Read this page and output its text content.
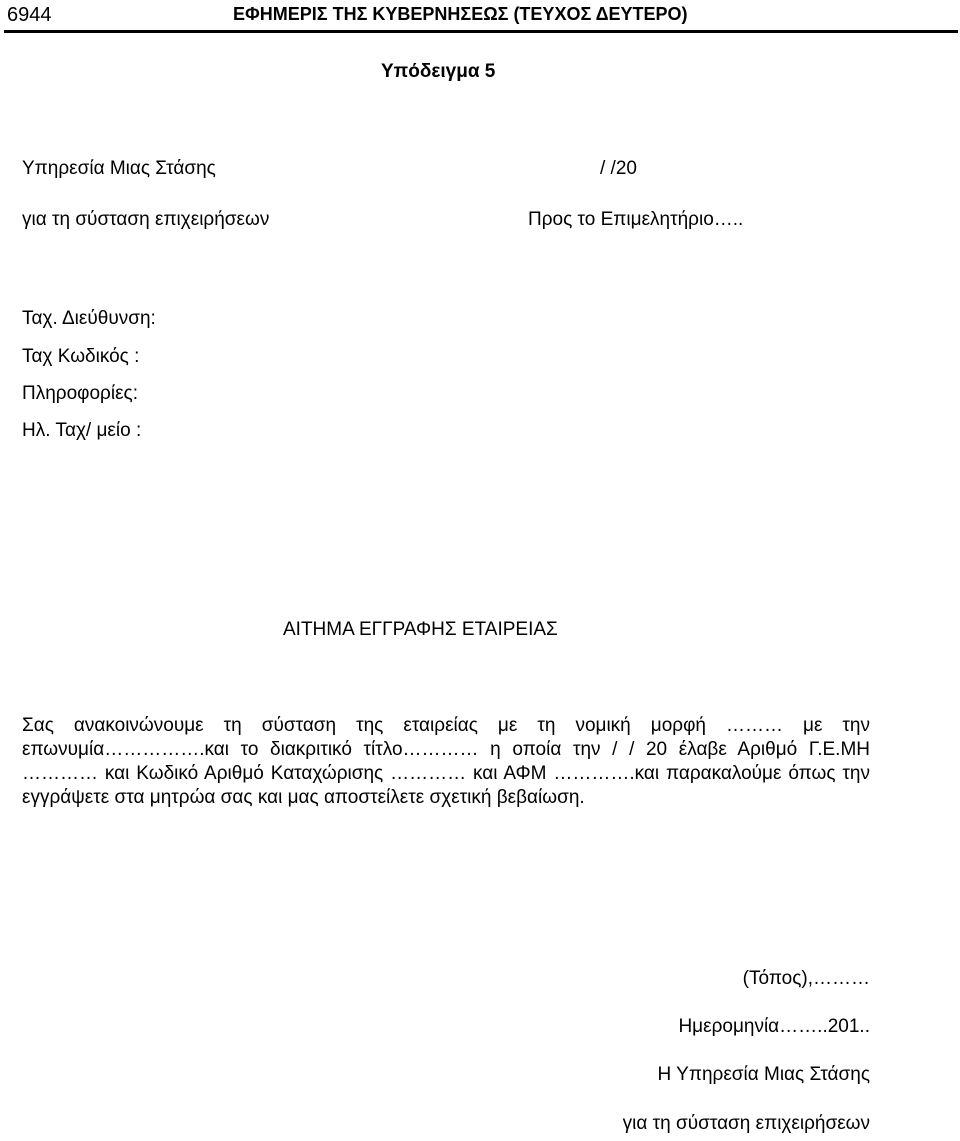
6944	ΕΦΗΜΕΡΙΣ ΤΗΣ ΚΥΒΕΡΝΗΣΕΩΣ (ΤΕΥΧΟΣ ΔΕΥΤΕΡΟ)
Υπόδειγμα 5
Υπηρεσία Μιας Στάσης	/ /20
για τη σύσταση επιχειρήσεων	Προς το Επιμελητήριο…..
Ταχ. Διεύθυνση:
Ταχ Κωδικός :
Πληροφορίες:
Ηλ. Ταχ/ μείο :
ΑΙΤΗΜΑ ΕΓΓΡΑΦΗΣ ΕΤΑΙΡΕΙΑΣ
Σας ανακοινώνουμε τη σύσταση της εταιρείας με τη νομική μορφή ……… με την επωνυμία…………….και το διακριτικό τίτλο………… η οποία την / / 20 έλαβε Αριθμό Γ.Ε.ΜΗ ………… και Κωδικό Αριθμό Καταχώρισης ………… και ΑΦΜ ………….και παρακαλούμε όπως την εγγράψετε στα μητρώα σας και μας αποστείλετε σχετική βεβαίωση.
(Τόπος),………
Ημερομηνία……..201..
Η Υπηρεσία Μιας Στάσης
για τη σύσταση επιχειρήσεων
